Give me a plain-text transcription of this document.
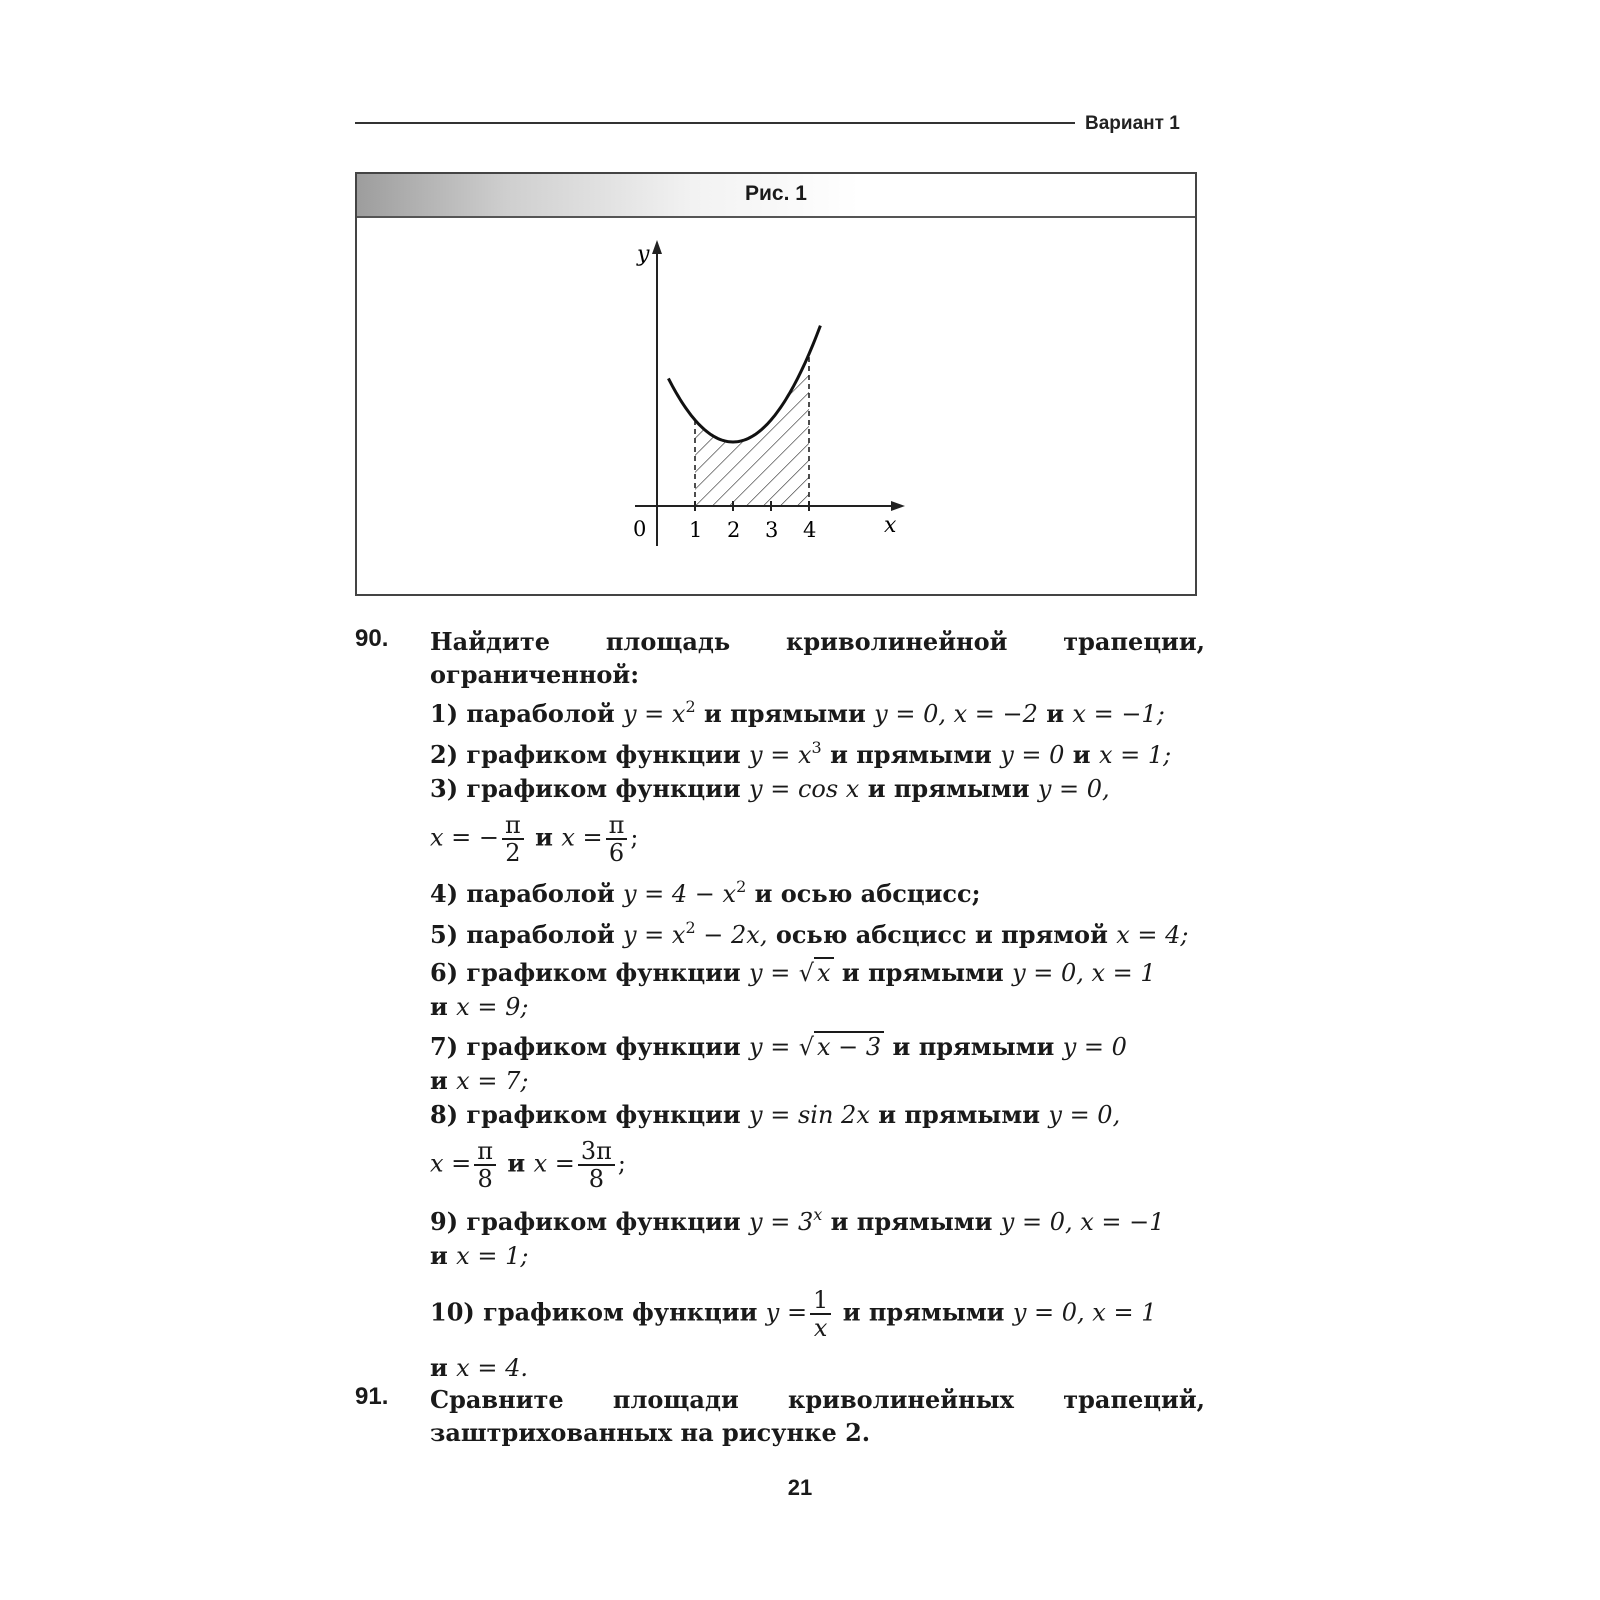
Вариант 1
Рис. 1
1 2 3 4
y
x
0
90. Найдите площадь криволинейной трапеции, ограниченной:

1) параболой $y = x^2$ и прямыми y = 0, x = −2 и x = −1;

2) графиком функции $y = x^3$ и прямыми y = 0 и x = 1;

3) графиком функции y = cos x и прямыми y = 0,

x = − $\frac{\pi}{2}$ и $x = \frac{\pi}{6}$ ;

4) параболой $y = 4 - x^2$ и осью абсцисс;

5) параболой $y = x^2 - 2x$, осью абсцисс и прямой x = 4;

6) графиком функции y = √ x и прямыми y = 0, x = 1
и x = 9;

7) графиком функции y = √ x − 3 и прямыми y = 0
и x = 7;

8) графиком функции y = sin 2x и прямыми y = 0,

$x = \frac{\pi}{8}$ и $x = \frac{3\pi}{8}$ ;

9) графиком функции $y = 3^x$ и прямыми y = 0, x = −1
и x = 1;

10) графиком функции $y = \frac{1}{x}$ и прямыми y = 0, x = 1
и x = 4.

91. Сравните площади криволинейных трапеций, заштрихованных на рисунке 2.
21
